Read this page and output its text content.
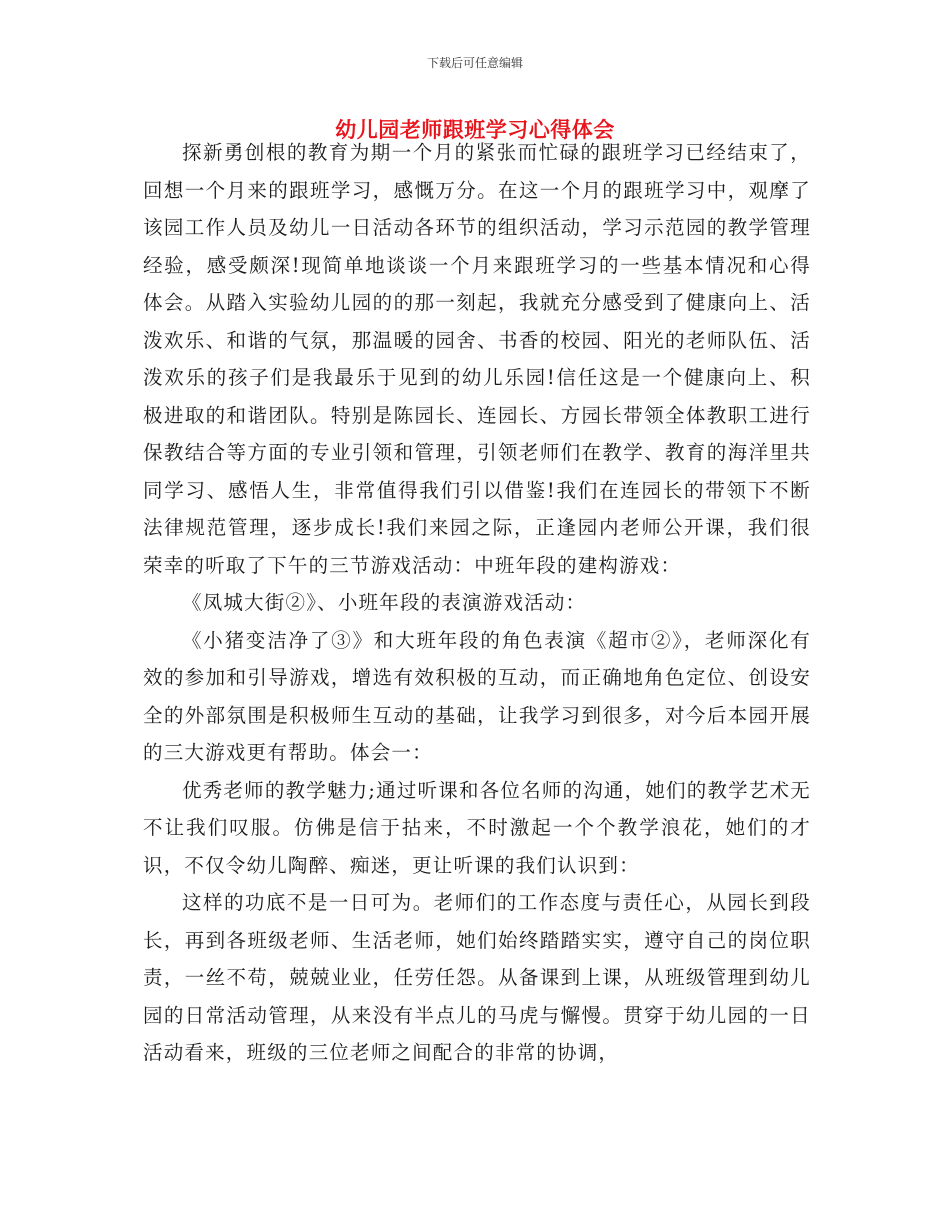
下载后可任意编辑
幼儿园老师跟班学习心得体会

探新勇创根的教育为期一个月的紧张而忙碌的跟班学习已经结束了，回想一个月来的跟班学习，感慨万分。在这一个月的跟班学习中，观摩了该园工作人员及幼儿一日活动各环节的组织活动，学习示范园的教学管理经验，感受颇深!现简单地谈谈一个月来跟班学习的一些基本情况和心得体会。从踏入实验幼儿园的的那一刻起，我就充分感受到了健康向上、活泼欢乐、和谐的气氛，那温暖的园舍、书香的校园、阳光的老师队伍、活泼欢乐的孩子们是我最乐于见到的幼儿乐园!信任这是一个健康向上、积极进取的和谐团队。特别是陈园长、连园长、方园长带领全体教职工进行保教结合等方面的专业引领和管理，引领老师们在教学、教育的海洋里共同学习、感悟人生，非常值得我们引以借鉴!我们在连园长的带领下不断法律规范管理，逐步成长!我们来园之际，正逢园内老师公开课，我们很荣幸的听取了下午的三节游戏活动：中班年段的建构游戏：

《凤城大街②》、小班年段的表演游戏活动：

《小猪变洁净了③》和大班年段的角色表演《超市②》，老师深化有效的参加和引导游戏，增选有效积极的互动，而正确地角色定位、创设安全的外部氛围是积极师生互动的基础，让我学习到很多，对今后本园开展的三大游戏更有帮助。体会一：

优秀老师的教学魅力;通过听课和各位名师的沟通，她们的教学艺术无不让我们叹服。仿佛是信于拈来，不时激起一个个教学浪花，她们的才识，不仅令幼儿陶醉、痴迷，更让听课的我们认识到：

这样的功底不是一日可为。老师们的工作态度与责任心，从园长到段长，再到各班级老师、生活老师，她们始终踏踏实实，遵守自己的岗位职责，一丝不苟，兢兢业业，任劳任怨。从备课到上课，从班级管理到幼儿园的日常活动管理，从来没有半点儿的马虎与懈慢。贯穿于幼儿园的一日活动看来，班级的三位老师之间配合的非常的协调，
